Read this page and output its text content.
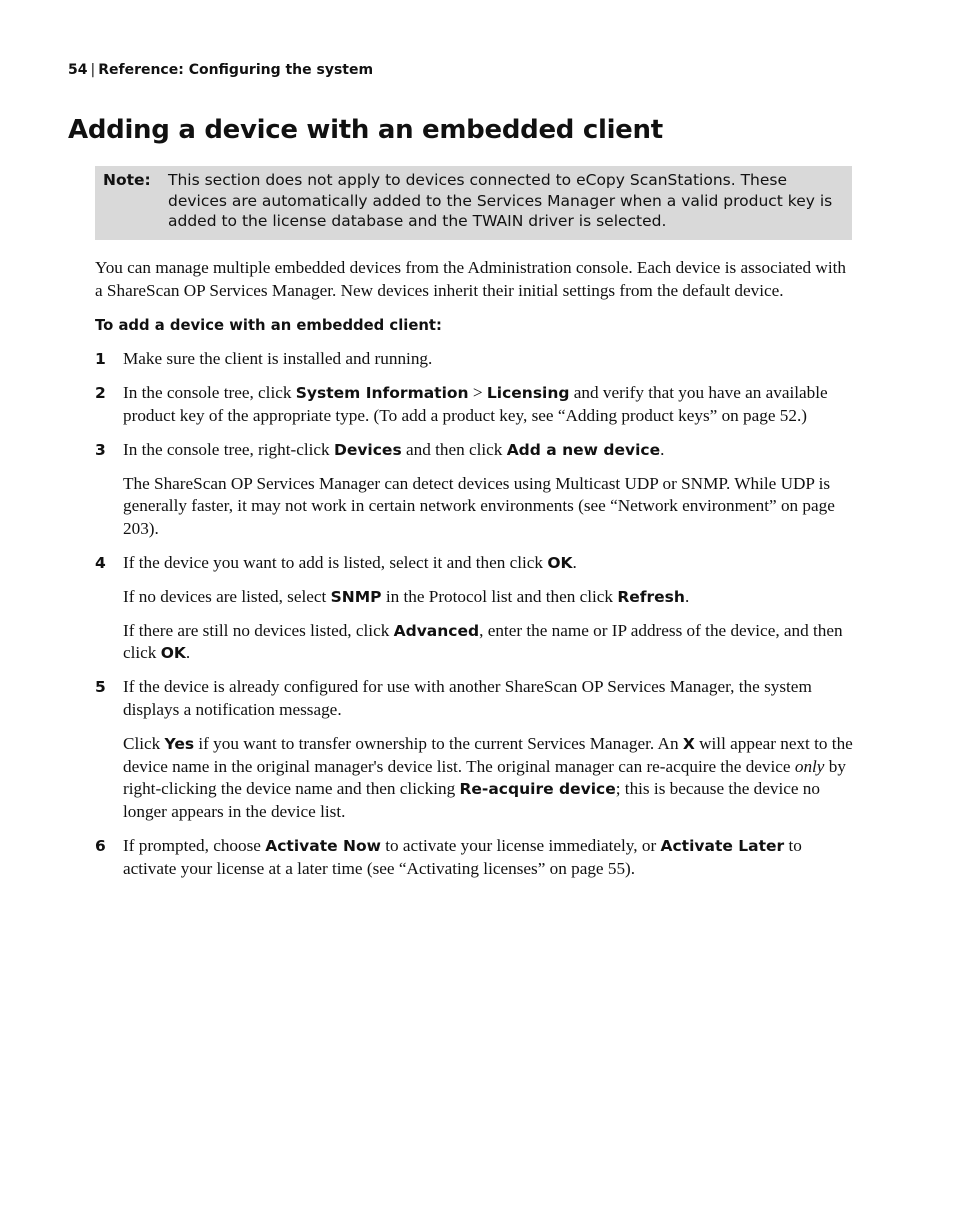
54 | Reference: Configuring the system
Adding a device with an embedded client
Note: This section does not apply to devices connected to eCopy ScanStations. These devices are automatically added to the Services Manager when a valid product key is added to the license database and the TWAIN driver is selected.

You can manage multiple embedded devices from the Administration console. Each device is associated with a ShareScan OP Services Manager. New devices inherit their initial settings from the default device.

To add a device with an embedded client:

1 Make sure the client is installed and running.

2 In the console tree, click System Information > Licensing and verify that you have an available product key of the appropriate type. (To add a product key, see “Adding product keys” on page 52.)

3 In the console tree, right-click Devices and then click Add a new device.

The ShareScan OP Services Manager can detect devices using Multicast UDP or SNMP. While UDP is generally faster, it may not work in certain network environments (see “Network environment” on page 203).

4 If the device you want to add is listed, select it and then click OK.

If no devices are listed, select SNMP in the Protocol list and then click Refresh.

If there are still no devices listed, click Advanced, enter the name or IP address of the device, and then click OK.

5 If the device is already configured for use with another ShareScan OP Services Manager, the system displays a notification message.

Click Yes if you want to transfer ownership to the current Services Manager. An X will appear next to the device name in the original manager's device list. The original manager can re-acquire the device only by right-clicking the device name and then clicking Re-acquire device; this is because the device no longer appears in the device list.

6 If prompted, choose Activate Now to activate your license immediately, or Activate Later to activate your license at a later time (see “Activating licenses” on page 55).
